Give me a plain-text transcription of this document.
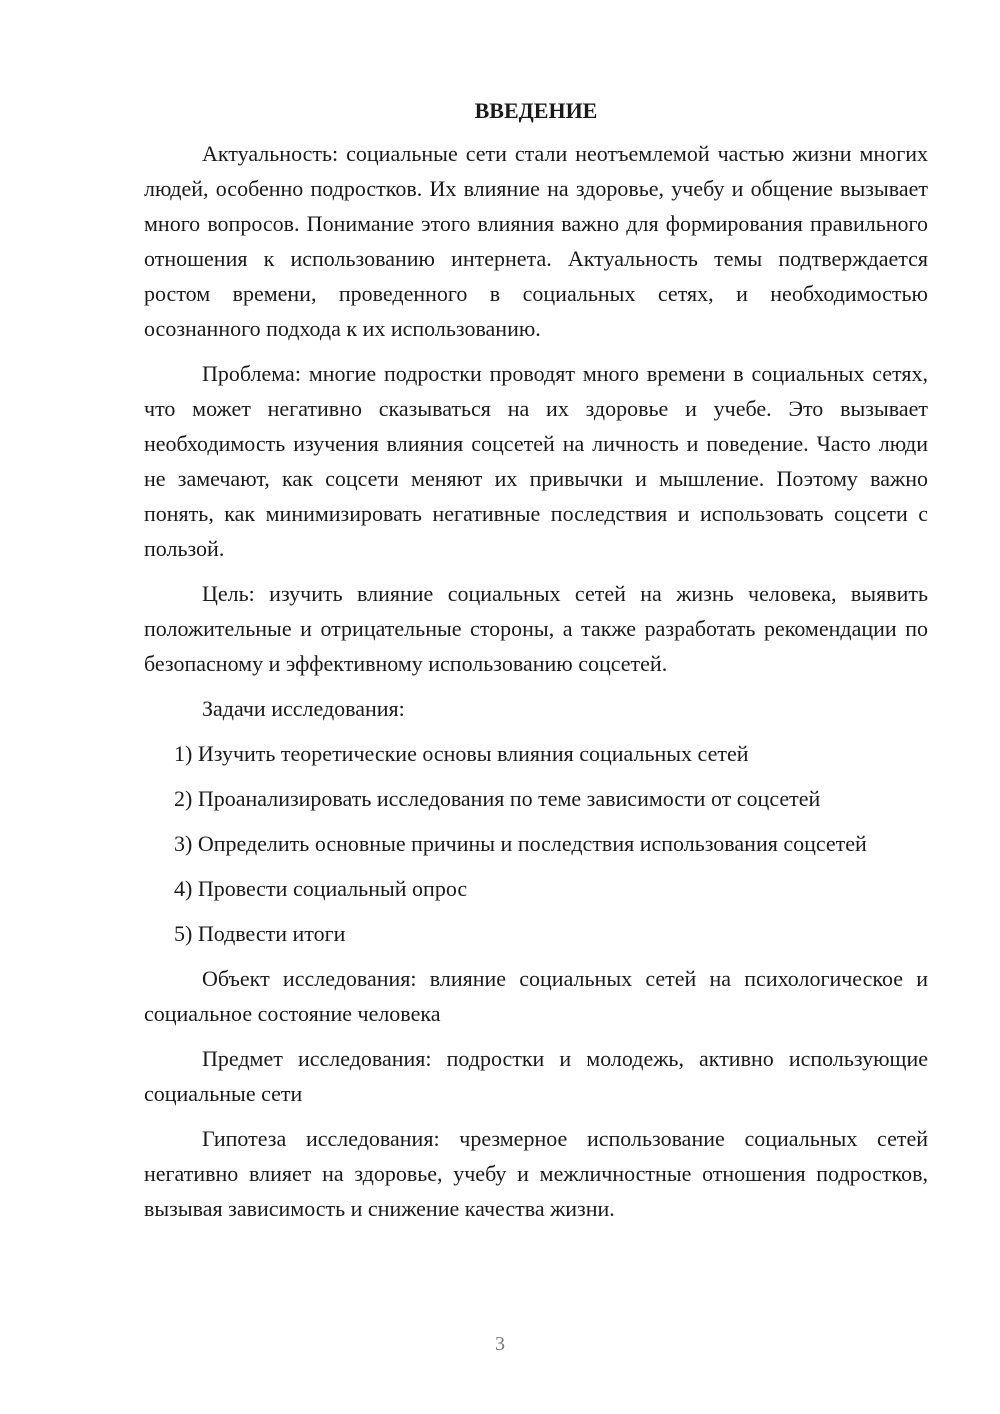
ВВЕДЕНИЕ

Актуальность: социальные сети стали неотъемлемой частью жизни многих людей, особенно подростков. Их влияние на здоровье, учебу и общение вызывает много вопросов. Понимание этого влияния важно для формирования правильного отношения к использованию интернета. Актуальность темы подтверждается ростом времени, проведенного в социальных сетях, и необходимостью осознанного подхода к их использованию.

Проблема: многие подростки проводят много времени в социальных сетях, что может негативно сказываться на их здоровье и учебе. Это вызывает необходимость изучения влияния соцсетей на личность и поведение. Часто люди не замечают, как соцсети меняют их привычки и мышление. Поэтому важно понять, как минимизировать негативные последствия и использовать соцсети с пользой.

Цель: изучить влияние социальных сетей на жизнь человека, выявить положительные и отрицательные стороны, а также разработать рекомендации по безопасному и эффективному использованию соцсетей.

Задачи исследования:

1) Изучить теоретические основы влияния социальных сетей

2) Проанализировать исследования по теме зависимости от соцсетей

3) Определить основные причины и последствия использования соцсетей

4) Провести социальный опрос

5) Подвести итоги

Объект исследования: влияние социальных сетей на психологическое и социальное состояние человека

Предмет исследования: подростки и молодежь, активно использующие социальные сети

Гипотеза исследования: чрезмерное использование социальных сетей негативно влияет на здоровье, учебу и межличностные отношения подростков, вызывая зависимость и снижение качества жизни.

3
